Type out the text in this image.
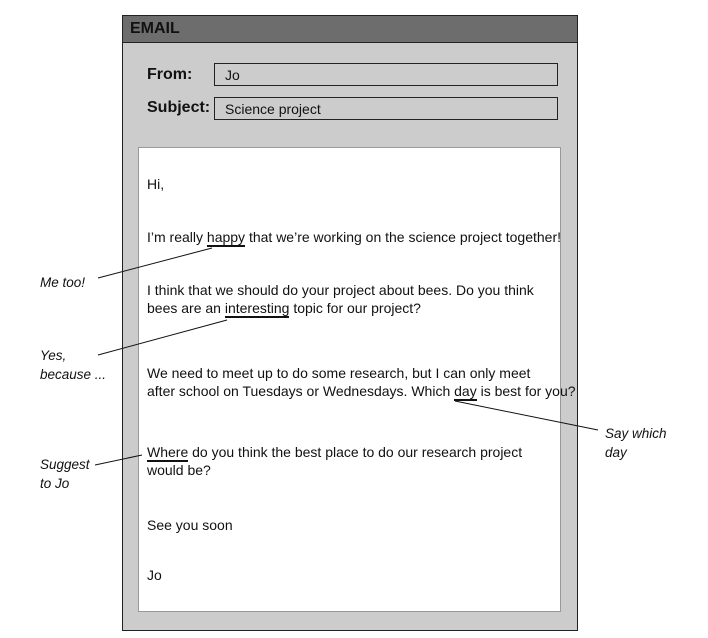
EMAIL
From:	Jo
Subject:	Science project
Hi,
I’m really happy that we’re working on the science project together!
I think that we should do your project about bees. Do you think
bees are an interesting topic for our project?
We need to meet up to do some research, but I can only meet
after school on Tuesdays or Wednesdays. Which day is best for you?
Where do you think the best place to do our research project
would be?
See you soon
Jo
Me too!
Yes,
because ...
Suggest
to Jo
Say which
day
